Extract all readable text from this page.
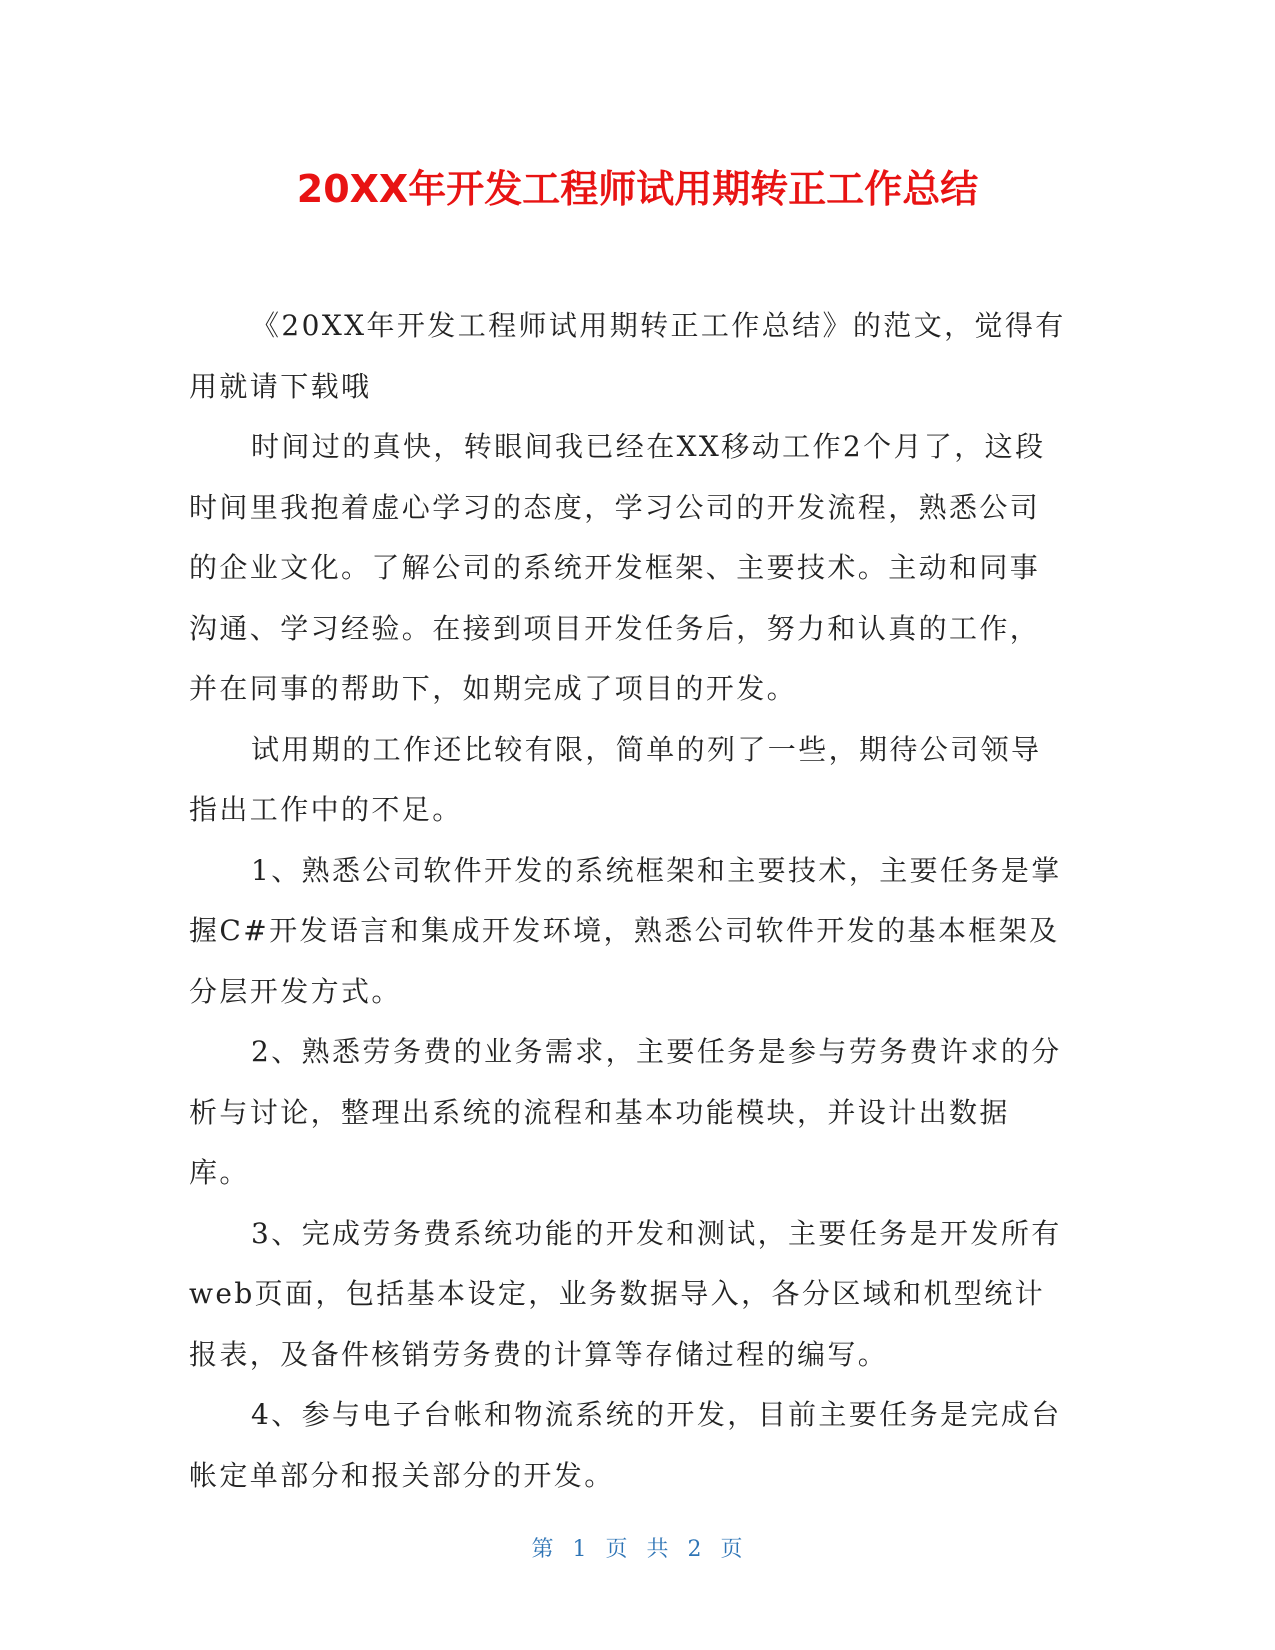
20XX年开发工程师试用期转正工作总结

《20XX年开发工程师试用期转正工作总结》的范文，觉得有用就请下载哦

时间过的真快，转眼间我已经在XX移动工作2个月了，这段时间里我抱着虚心学习的态度，学习公司的开发流程，熟悉公司的企业文化。了解公司的系统开发框架、主要技术。主动和同事沟通、学习经验。在接到项目开发任务后，努力和认真的工作，并在同事的帮助下，如期完成了项目的开发。

试用期的工作还比较有限，简单的列了一些，期待公司领导指出工作中的不足。

1、熟悉公司软件开发的系统框架和主要技术，主要任务是掌握C#开发语言和集成开发环境，熟悉公司软件开发的基本框架及分层开发方式。

2、熟悉劳务费的业务需求，主要任务是参与劳务费许求的分析与讨论，整理出系统的流程和基本功能模块，并设计出数据库。

3、完成劳务费系统功能的开发和测试，主要任务是开发所有web页面，包括基本设定，业务数据导入，各分区域和机型统计报表，及备件核销劳务费的计算等存储过程的编写。

4、参与电子台帐和物流系统的开发，目前主要任务是完成台帐定单部分和报关部分的开发。

第 1 页 共 2 页
